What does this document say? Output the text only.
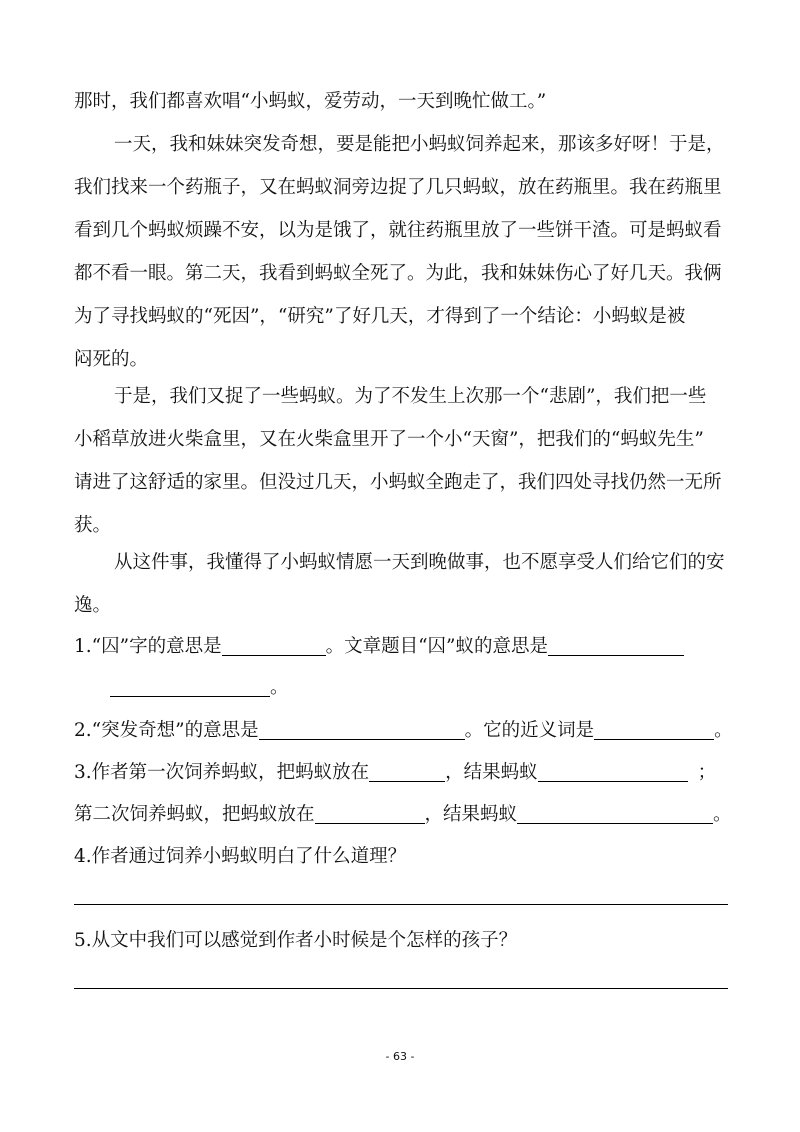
那时，我们都喜欢唱“小蚂蚁，爱劳动，一天到晚忙做工。”
一天，我和妹妹突发奇想，要是能把小蚂蚁饲养起来，那该多好呀！于是，
我们找来一个药瓶子，又在蚂蚁洞旁边捉了几只蚂蚁，放在药瓶里。我在药瓶里
看到几个蚂蚁烦躁不安，以为是饿了，就往药瓶里放了一些饼干渣。可是蚂蚁看
都不看一眼。第二天，我看到蚂蚁全死了。为此，我和妹妹伤心了好几天。我俩
为了寻找蚂蚁的“死因”，“研究”了好几天，才得到了一个结论：小蚂蚁是被
闷死的。
于是，我们又捉了一些蚂蚁。为了不发生上次那一个“悲剧”，我们把一些
小稻草放进火柴盒里，又在火柴盒里开了一个小“天窗”，把我们的“蚂蚁先生”
请进了这舒适的家里。但没过几天，小蚂蚁全跑走了，我们四处寻找仍然一无所
获。
从这件事，我懂得了小蚂蚁情愿一天到晚做事，也不愿享受人们给它们的安
逸。
1.“囚”字的意思是	。文章题目“囚”蚁的意思是
。
2.“突发奇想”的意思是	。它的近义词是	。
3.作者第一次饲养蚂蚁，把蚂蚁放在	，结果蚂蚁	；
第二次饲养蚂蚁，把蚂蚁放在	，结果蚂蚁	。
4.作者通过饲养小蚂蚁明白了什么道理？
5.从文中我们可以感觉到作者小时候是个怎样的孩子？
- 63 -
